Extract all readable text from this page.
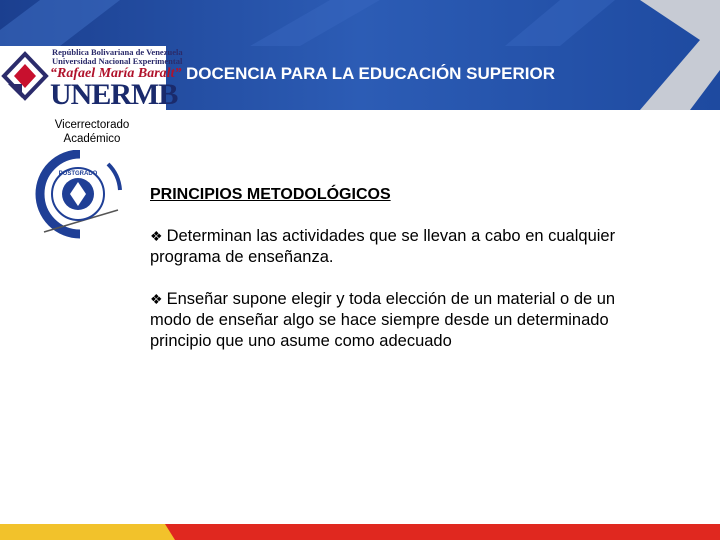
República Bolivariana de Venezuela
Universidad Nacional Experimental
“Rafael María Baralt”
UNERMB
DOCENCIA PARA LA EDUCACIÓN SUPERIOR
Vicerrectorado Académico
POSTGRADO
UNERMB
PRINCIPIOS METODOLÓGICOS
❖ Determinan las actividades que se llevan a cabo en cualquier programa de enseñanza.
❖ Enseñar supone elegir y toda elección de un material o de un modo de enseñar algo se hace siempre desde un determinado principio que uno asume como adecuado
